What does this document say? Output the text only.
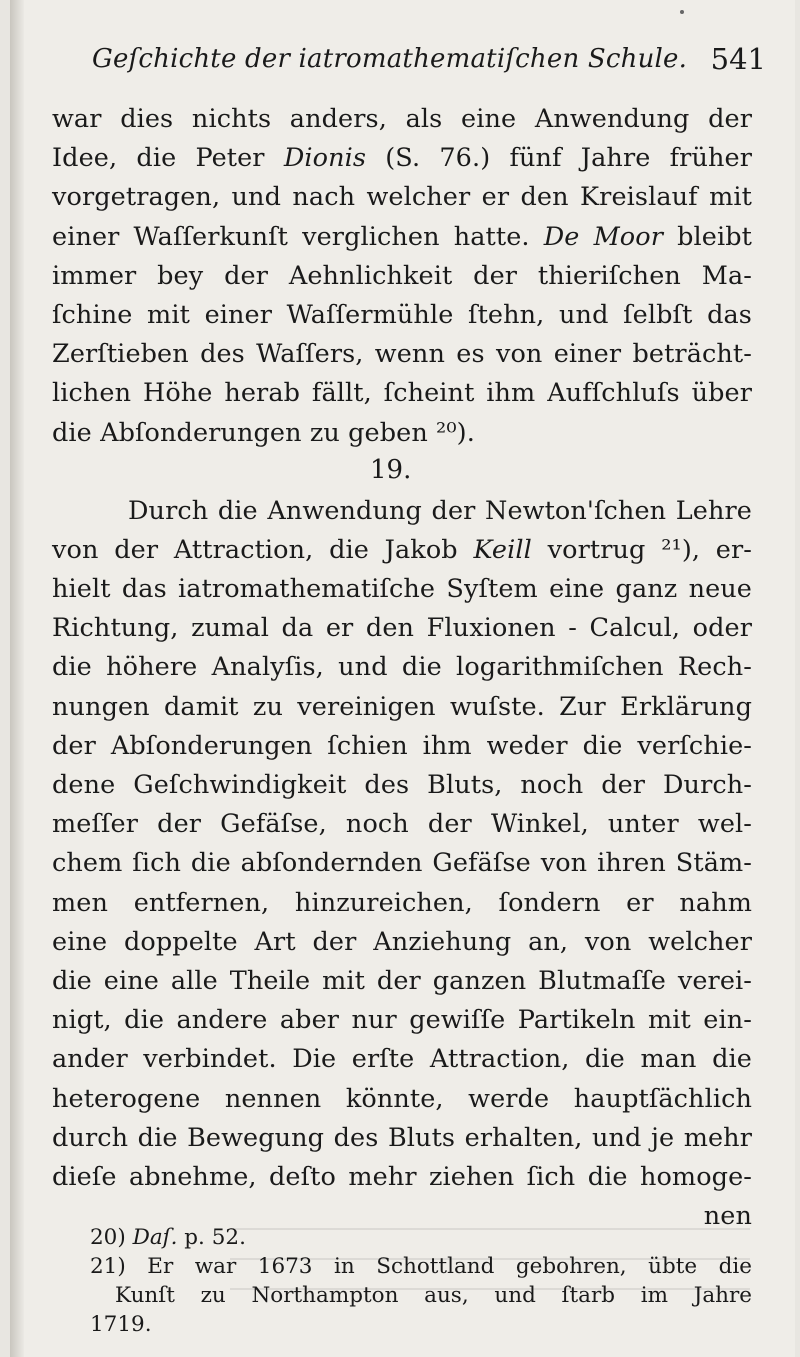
Geſchichte der iatromathematiſchen Schule. 541
war dies nichts anders, als eine Anwendung der
Idee, die Peter Dionis (S. 76.) fünf Jahre früher
vorgetragen, und nach welcher er den Kreislauf mit
einer Waſſerkunſt verglichen hatte. De Moor bleibt
immer bey der Aehnlichkeit der thieriſchen Ma-
ſchine mit einer Waſſermühle ſtehn, und ſelbſt das
Zerſtieben des Waſſers, wenn es von einer beträcht-
lichen Höhe herab fällt, ſcheint ihm Aufſchluſs über
die Abſonderungen zu geben ²⁰).
Durch die Anwendung der Newton'ſchen Lehre
von der Attraction, die Jakob Keill vortrug ²¹), er-
hielt das iatromathematiſche Syſtem eine ganz neue
Richtung, zumal da er den Fluxionen - Calcul, oder
die höhere Analyſis, und die logarithmiſchen Rech-
nungen damit zu vereinigen wuſste. Zur Erklärung
der Abſonderungen ſchien ihm weder die verſchie-
dene Geſchwindigkeit des Bluts, noch der Durch-
meſſer der Gefäſse, noch der Winkel, unter wel-
chem ſich die abſondernden Gefäſse von ihren Stäm-
men entfernen, hinzureichen, ſondern er nahm
eine doppelte Art der Anziehung an, von welcher
die eine alle Theile mit der ganzen Blutmaſſe verei-
nigt, die andere aber nur gewiſſe Partikeln mit ein-
ander verbindet. Die erſte Attraction, die man die
heterogene nennen könnte, werde hauptſächlich
durch die Bewegung des Bluts erhalten, und je mehr
dieſe abnehme, deſto mehr ziehen ſich die homoge-
nen
19.
20) Daſ. p. 52.
21) Er war 1673 in Schottland gebohren, übte die
Kunſt zu Northampton aus, und ſtarb im Jahre
1719.
